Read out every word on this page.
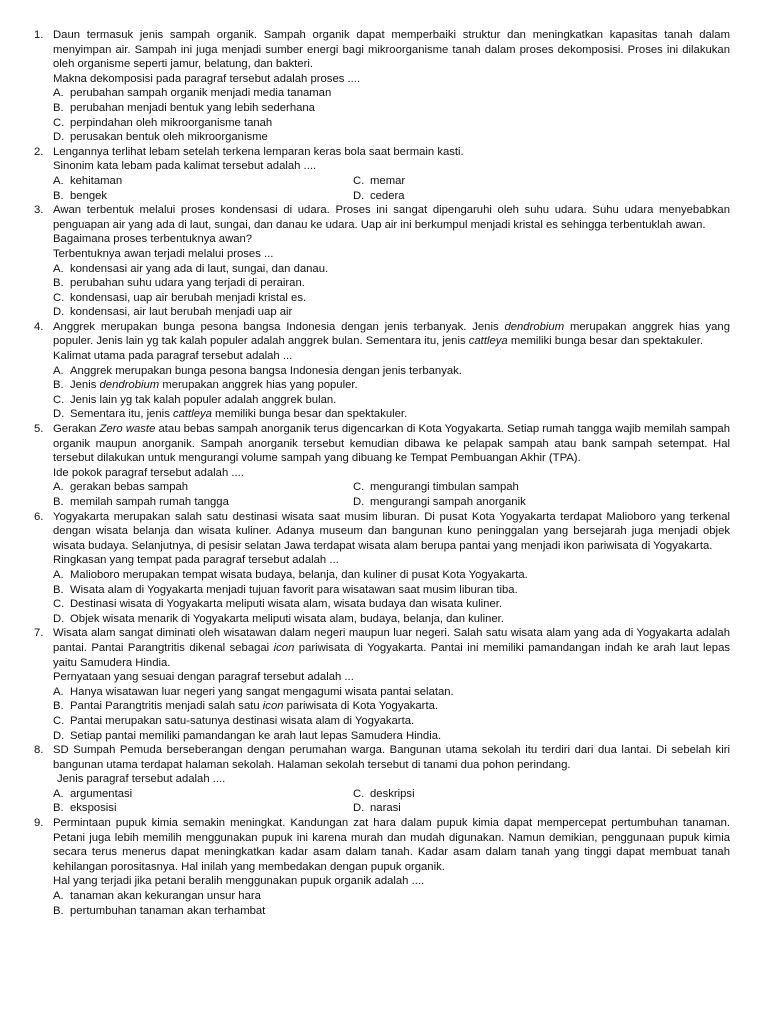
1. Daun termasuk jenis sampah organik. Sampah organik dapat memperbaiki struktur dan meningkatkan kapasitas tanah dalam menyimpan air. Sampah ini juga menjadi sumber energi bagi mikroorganisme tanah dalam proses dekomposisi. Proses ini dilakukan oleh organisme seperti jamur, belatung, dan bakteri.
Makna dekomposisi pada paragraf tersebut adalah proses ....
A. perubahan sampah organik menjadi media tanaman
B. perubahan menjadi bentuk yang lebih sederhana
C. perpindahan oleh mikroorganisme tanah
D. perusakan bentuk oleh mikroorganisme
2. Lengannya terlihat lebam setelah terkena lemparan keras bola saat bermain kasti.
Sinonim kata lebam pada kalimat tersebut adalah ....
A. kehitaman	C. memar
B. bengek	D. cedera
3. Awan terbentuk melalui proses kondensasi di udara. Proses ini sangat dipengaruhi oleh suhu udara. Suhu udara menyebabkan penguapan air yang ada di laut, sungai, dan danau ke udara. Uap air ini berkumpul menjadi kristal es sehingga terbentuklah awan.
Bagaimana proses terbentuknya awan?
Terbentuknya awan terjadi melalui proses ...
A. kondensasi air yang ada di laut, sungai, dan danau.
B. perubahan suhu udara yang terjadi di perairan.
C. kondensasi, uap air berubah menjadi kristal es.
D. kondensasi, air laut berubah menjadi uap air
4. Anggrek merupakan bunga pesona bangsa Indonesia dengan jenis terbanyak. Jenis dendrobium merupakan anggrek hias yang populer. Jenis lain yg tak kalah populer adalah anggrek bulan. Sementara itu, jenis cattleya memiliki bunga besar dan spektakuler.
Kalimat utama pada paragraf tersebut adalah ...
A. Anggrek merupakan bunga pesona bangsa Indonesia dengan jenis terbanyak.
B. Jenis dendrobium merupakan anggrek hias yang populer.
C. Jenis lain yg tak kalah populer adalah anggrek bulan.
D. Sementara itu, jenis cattleya memiliki bunga besar dan spektakuler.
5. Gerakan Zero waste atau bebas sampah anorganik terus digencarkan di Kota Yogyakarta. Setiap rumah tangga wajib memilah sampah organik maupun anorganik. Sampah anorganik tersebut kemudian dibawa ke pelapak sampah atau bank sampah setempat. Hal tersebut dilakukan untuk mengurangi volume sampah yang dibuang ke Tempat Pembuangan Akhir (TPA).
Ide pokok paragraf tersebut adalah ....
A. gerakan bebas sampah	C. mengurangi timbulan sampah
B. memilah sampah rumah tangga	D. mengurangi sampah anorganik
6. Yogyakarta merupakan salah satu destinasi wisata saat musim liburan. Di pusat Kota Yogyakarta terdapat Malioboro yang terkenal dengan wisata belanja dan wisata kuliner. Adanya museum dan bangunan kuno peninggalan yang bersejarah juga menjadi objek wisata budaya. Selanjutnya, di pesisir selatan Jawa terdapat wisata alam berupa pantai yang menjadi ikon pariwisata di Yogyakarta.
Ringkasan yang tempat pada paragraf tersebut adalah ...
A. Malioboro merupakan tempat wisata budaya, belanja, dan kuliner di pusat Kota Yogyakarta.
B. Wisata alam di Yogyakarta menjadi tujuan favorit para wisatawan saat musim liburan tiba.
C. Destinasi wisata di Yogyakarta meliputi wisata alam, wisata budaya dan wisata kuliner.
D. Objek wisata menarik di Yogyakarta meliputi wisata alam, budaya, belanja, dan kuliner.
7. Wisata alam sangat diminati oleh wisatawan dalam negeri maupun luar negeri. Salah satu wisata alam yang ada di Yogyakarta adalah pantai. Pantai Parangtritis dikenal sebagai icon pariwisata di Yogyakarta. Pantai ini memiliki pamandangan indah ke arah laut lepas yaitu Samudera Hindia.
Pernyataan yang sesuai dengan paragraf tersebut adalah ...
A. Hanya wisatawan luar negeri yang sangat mengagumi wisata pantai selatan.
B. Pantai Parangtritis menjadi salah satu icon pariwisata di Kota Yogyakarta.
C. Pantai merupakan satu-satunya destinasi wisata alam di Yogyakarta.
D. Setiap pantai memiliki pamandangan ke arah laut lepas Samudera Hindia.
8. SD Sumpah Pemuda berseberangan dengan perumahan warga. Bangunan utama sekolah itu terdiri dari dua lantai. Di sebelah kiri bangunan utama terdapat halaman sekolah. Halaman sekolah tersebut di tanami dua pohon perindang.
Jenis paragraf tersebut adalah ....
A. argumentasi	C. deskripsi
B. eksposisi	D. narasi
9. Permintaan pupuk kimia semakin meningkat. Kandungan zat hara dalam pupuk kimia dapat mempercepat pertumbuhan tanaman. Petani juga lebih memilih menggunakan pupuk ini karena murah dan mudah digunakan. Namun demikian, penggunaan pupuk kimia secara terus menerus dapat meningkatkan kadar asam dalam tanah. Kadar asam dalam tanah yang tinggi dapat membuat tanah kehilangan porositasnya. Hal inilah yang membedakan dengan pupuk organik.
Hal yang terjadi jika petani beralih menggunakan pupuk organik adalah ....
A. tanaman akan kekurangan unsur hara
B. pertumbuhan tanaman akan terhambat
